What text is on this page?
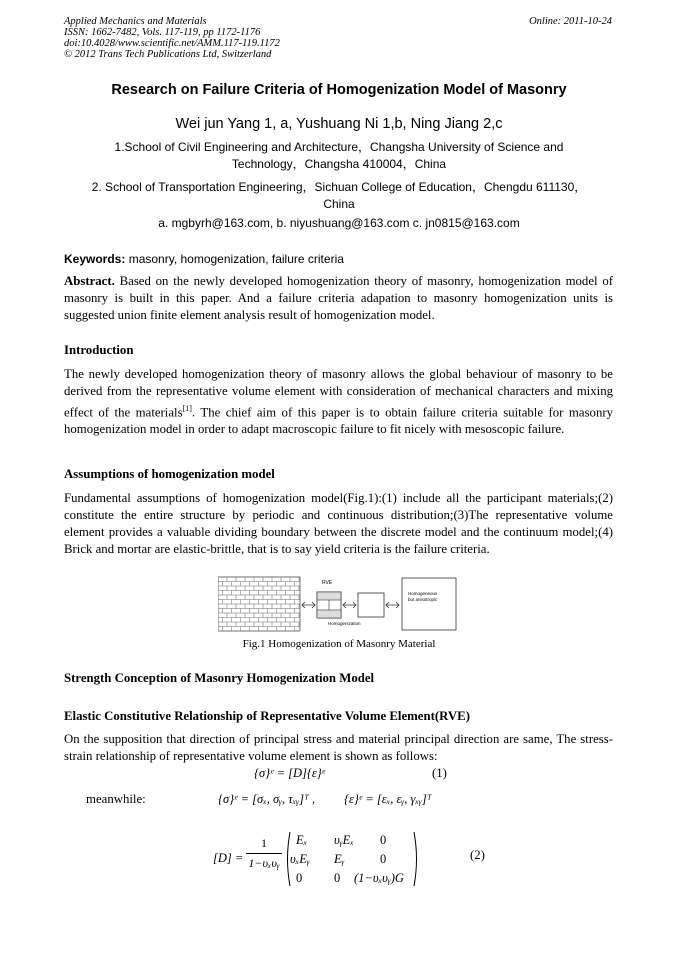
Applied Mechanics and Materials
ISSN: 1662-7482, Vols. 117-119, pp 1172-1176
doi:10.4028/www.scientific.net/AMM.117-119.1172
© 2012 Trans Tech Publications Ltd, Switzerland
Online: 2011-10-24
Research on Failure Criteria of Homogenization Model of Masonry
Wei jun Yang 1, a, Yushuang Ni 1,b, Ning Jiang 2,c
1.School of Civil Engineering and Architecture，Changsha University of Science and
Technology，Changsha 410004，China
2. School of Transportation Engineering，Sichuan College of Education，Chengdu 611130，
China
a. mgbyrh@163.com, b. niyushuang@163.com c. jn0815@163.com
Keywords: masonry, homogenization, failure criteria
Abstract. Based on the newly developed homogenization theory of masonry, homogenization model of masonry is built in this paper. And a failure criteria adapation to masonry homogenization units is suggested union finite element analysis result of homogenization model.
Introduction
The newly developed homogenization theory of masonry allows the global behaviour of masonry to be derived from the representative volume element with consideration of mechanical characters and mixing effect of the materials[1]. The chief aim of this paper is to obtain failure criteria suitable for masonry homogenization model in order to adapt macroscopic failure to fit nicely with mesoscopic failure.
Assumptions of homogenization model
Fundamental assumptions of homogenization model(Fig.1):(1) include all the participant materials;(2) constitute the entire structure by periodic and continuous distribution;(3)The representative volume element provides a valuable dividing boundary between the discrete model and the continuum model;(4) Brick and mortar are elastic-brittle, that is to say yield criteria is the failure criteria.
RVE
Homogenization
Homogeneous
but anisotropic
Fig.1 Homogenization of Masonry Material
Strength Conception of Masonry Homogenization Model
Elastic Constitutive Relationship of Representative Volume Element(RVE)
On the supposition that direction of principal stress and material principal direction are same, The stress-strain relationship of representative volume element is shown as follows:
{σ}ᵉ = [D]{ε}ᵉ	(1)
meanwhile:	{σ}ᵉ = [σₓ, σᵧ, τₓᵧ]ᵀ , {ε}ᵉ = [εₓ, εᵧ, γₓᵧ]ᵀ
[D] =
1
1−υₓυᵧ
Eₓ υᵧEₓ 0
υₓEᵧ Eᵧ	0
0	0 (1−υₓυᵧ)G
(2)
